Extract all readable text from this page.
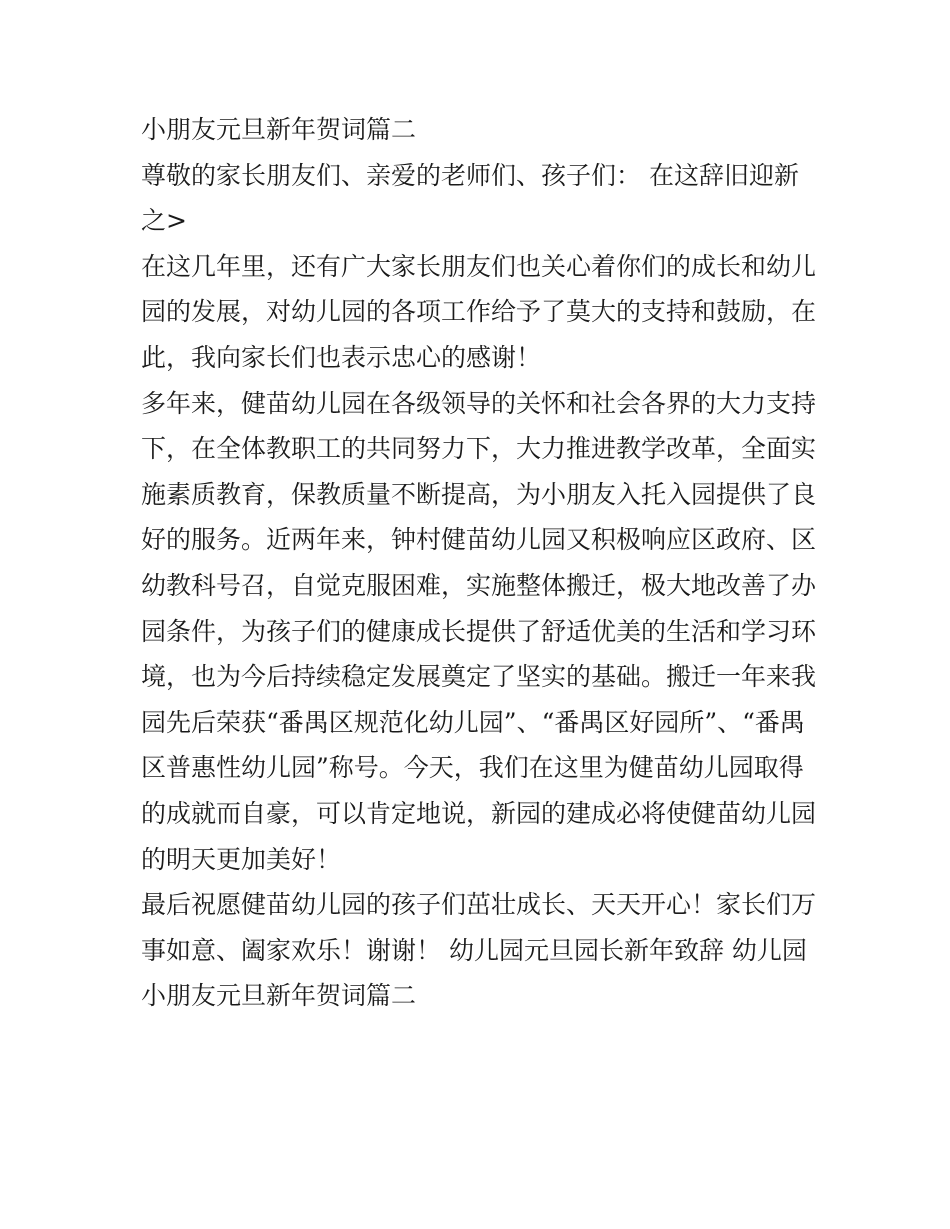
小朋友元旦新年贺词篇二
尊敬的家长朋友们、亲爱的老师们、孩子们： 在这辞旧迎新
之>
在这几年里，还有广大家长朋友们也关心着你们的成长和幼儿
园的发展，对幼儿园的各项工作给予了莫大的支持和鼓励，在
此，我向家长们也表示忠心的感谢！
多年来，健苗幼儿园在各级领导的关怀和社会各界的大力支持
下，在全体教职工的共同努力下，大力推进教学改革，全面实
施素质教育，保教质量不断提高，为小朋友入托入园提供了良
好的服务。近两年来，钟村健苗幼儿园又积极响应区政府、区
幼教科号召，自觉克服困难，实施整体搬迁，极大地改善了办
园条件，为孩子们的健康成长提供了舒适优美的生活和学习环
境，也为今后持续稳定发展奠定了坚实的基础。搬迁一年来我
园先后荣获“番禺区规范化幼儿园”、“番禺区好园所”、“番禺
区普惠性幼儿园”称号。今天，我们在这里为健苗幼儿园取得
的成就而自豪，可以肯定地说，新园的建成必将使健苗幼儿园
的明天更加美好！
最后祝愿健苗幼儿园的孩子们茁壮成长、天天开心！家长们万
事如意、阖家欢乐！谢谢！ 幼儿园元旦园长新年致辞 幼儿园
小朋友元旦新年贺词篇二
